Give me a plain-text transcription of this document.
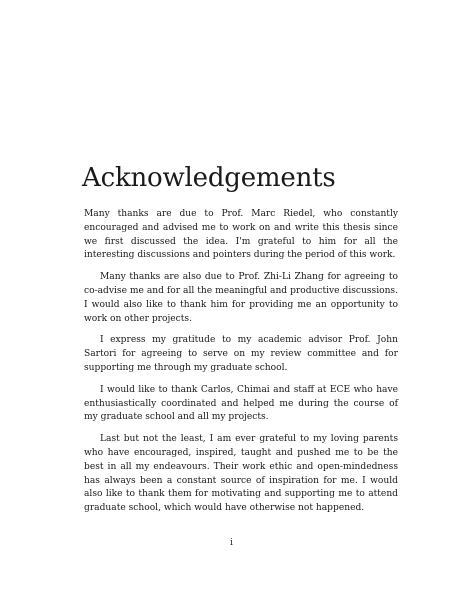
Acknowledgements

Many thanks are due to Prof. Marc Riedel, who constantly encouraged and advised me to work on and write this thesis since we first discussed the idea. I'm grateful to him for all the interesting discussions and pointers during the period of this work.

Many thanks are also due to Prof. Zhi-Li Zhang for agreeing to co-advise me and for all the meaningful and productive discussions. I would also like to thank him for providing me an opportunity to work on other projects.

I express my gratitude to my academic advisor Prof. John Sartori for agreeing to serve on my review committee and for supporting me through my graduate school.

I would like to thank Carlos, Chimai and staff at ECE who have enthusiastically coordinated and helped me during the course of my graduate school and all my projects.

Last but not the least, I am ever grateful to my loving parents who have encouraged, inspired, taught and pushed me to be the best in all my endeavours. Their work ethic and open-mindedness has always been a constant source of inspiration for me. I would also like to thank them for motivating and supporting me to attend graduate school, which would have otherwise not happened.

i
